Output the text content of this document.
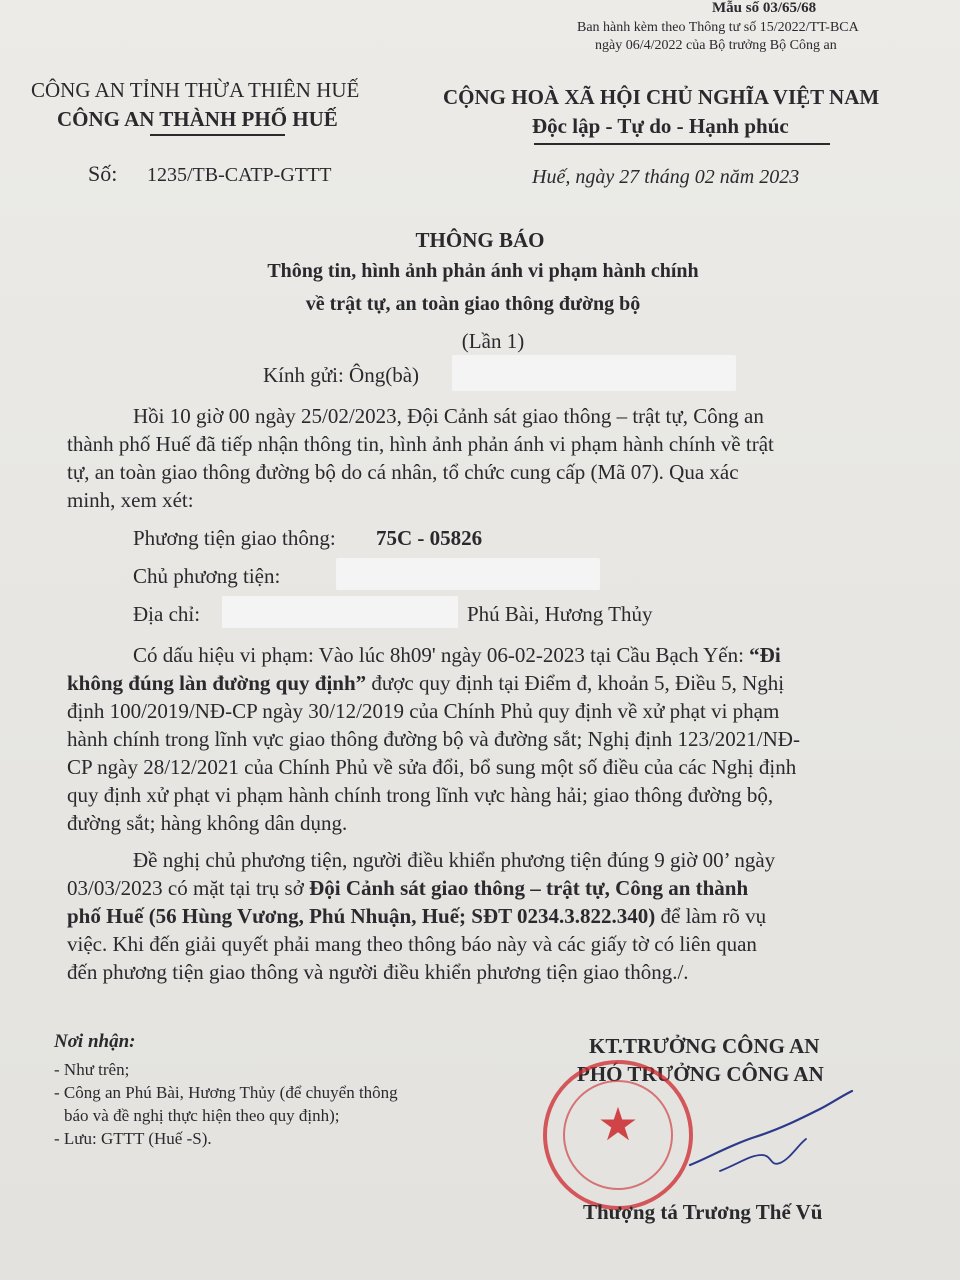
Mẫu số 03/65/68
Ban hành kèm theo Thông tư số 15/2022/TT-BCA
ngày 06/4/2022 của Bộ trưởng Bộ Công an
CÔNG AN TỈNH THỪA THIÊN HUẾ
CÔNG AN THÀNH PHỐ HUẾ
Số: 1235/TB-CATP-GTTT
CỘNG HOÀ XÃ HỘI CHỦ NGHĨA VIỆT NAM
Độc lập - Tự do - Hạnh phúc
Huế, ngày 27 tháng 02 năm 2023
THÔNG BÁO
Thông tin, hình ảnh phản ánh vi phạm hành chính
về trật tự, an toàn giao thông đường bộ
(Lần 1)
Kính gửi: Ông(bà)
Hồi 10 giờ 00 ngày 25/02/2023, Đội Cảnh sát giao thông – trật tự, Công an
thành phố Huế đã tiếp nhận thông tin, hình ảnh phản ánh vi phạm hành chính về trật
tự, an toàn giao thông đường bộ do cá nhân, tổ chức cung cấp (Mã 07). Qua xác
minh, xem xét:
Phương tiện giao thông: 75C - 05826
Chủ phương tiện:
Địa chỉ:	Phú Bài, Hương Thủy
Có dấu hiệu vi phạm: Vào lúc 8h09' ngày 06-02-2023 tại Cầu Bạch Yến: “Đi
không đúng làn đường quy định” được quy định tại Điểm đ, khoản 5, Điều 5, Nghị
định 100/2019/NĐ-CP ngày 30/12/2019 của Chính Phủ quy định về xử phạt vi phạm
hành chính trong lĩnh vực giao thông đường bộ và đường sắt; Nghị định 123/2021/NĐ-
CP ngày 28/12/2021 của Chính Phủ về sửa đổi, bổ sung một số điều của các Nghị định
quy định xử phạt vi phạm hành chính trong lĩnh vực hàng hải; giao thông đường bộ,
đường sắt; hàng không dân dụng.
Đề nghị chủ phương tiện, người điều khiển phương tiện đúng 9 giờ 00’ ngày
03/03/2023 có mặt tại trụ sở Đội Cảnh sát giao thông – trật tự, Công an thành
phố Huế (56 Hùng Vương, Phú Nhuận, Huế; SĐT 0234.3.822.340) để làm rõ vụ
việc. Khi đến giải quyết phải mang theo thông báo này và các giấy tờ có liên quan
đến phương tiện giao thông và người điều khiển phương tiện giao thông./.
Nơi nhận:
- Như trên;
- Công an Phú Bài, Hương Thủy (để chuyển thông
báo và đề nghị thực hiện theo quy định);
- Lưu: GTTT (Huế -S).
KT.TRƯỞNG CÔNG AN
PHÓ TRƯỞNG CÔNG AN
★
Thượng tá Trương Thế Vũ
